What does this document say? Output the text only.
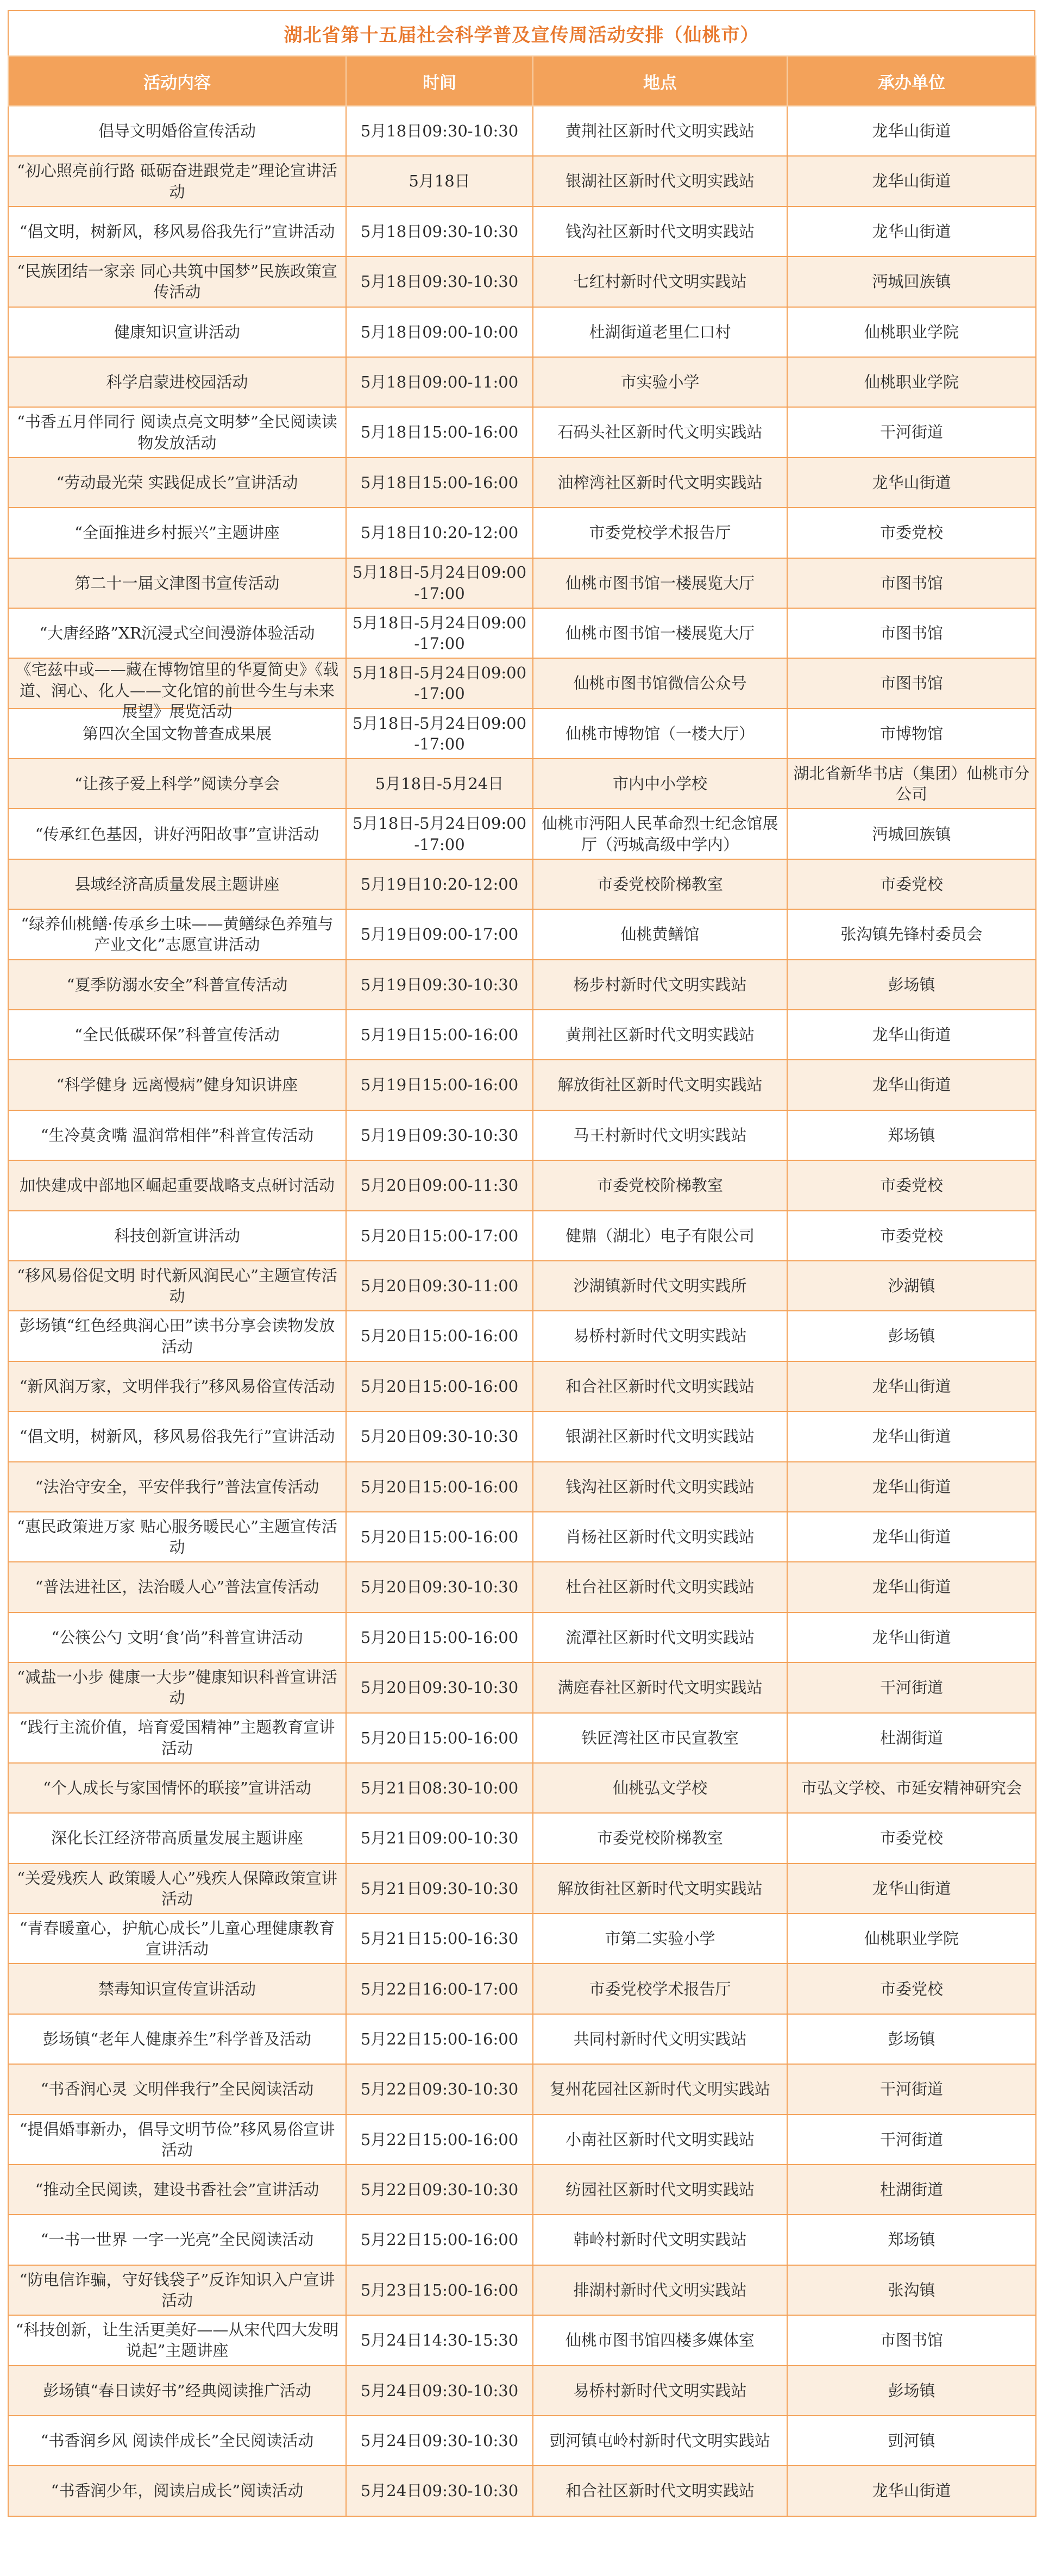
湖北省第十五届社会科学普及宣传周活动安排（仙桃市）
活动内容	时间	地点	承办单位

倡导文明婚俗宣传活动	5月18日09:30-10:30	黄荆社区新时代文明实践站	龙华山街道

“初心照亮前行路 砥砺奋进跟党走”理论宣讲活动	5月18日	银湖社区新时代文明实践站	龙华山街道

“倡文明，树新风，移风易俗我先行”宣讲活动	5月18日09:30-10:30	钱沟社区新时代文明实践站	龙华山街道

“民族团结一家亲 同心共筑中国梦”民族政策宣传活动	5月18日09:30-10:30	七红村新时代文明实践站	沔城回族镇

健康知识宣讲活动	5月18日09:00-10:00	杜湖街道老里仁口村	仙桃职业学院

科学启蒙进校园活动	5月18日09:00-11:00	市实验小学	仙桃职业学院

“书香五月伴同行 阅读点亮文明梦”全民阅读读物发放活动	5月18日15:00-16:00	石码头社区新时代文明实践站	干河街道

“劳动最光荣 实践促成长”宣讲活动	5月18日15:00-16:00	油榨湾社区新时代文明实践站	龙华山街道

“全面推进乡村振兴”主题讲座	5月18日10:20-12:00	市委党校学术报告厅	市委党校

第二十一届文津图书宣传活动	5月18日-5月24日09:00-17:00	仙桃市图书馆一楼展览大厅	市图书馆

“大唐经路”XR沉浸式空间漫游体验活动	5月18日-5月24日09:00-17:00	仙桃市图书馆一楼展览大厅	市图书馆

《宅兹中或——藏在博物馆里的华夏简史》《载道、润心、化人——文化馆的前世今生与未来展望》展览活动	5月18日-5月24日09:00-17:00	仙桃市图书馆微信公众号	市图书馆

第四次全国文物普查成果展	5月18日-5月24日09:00-17:00	仙桃市博物馆（一楼大厅）	市博物馆

“让孩子爱上科学”阅读分享会	5月18日-5月24日	市内中小学校	湖北省新华书店（集团）仙桃市分公司

“传承红色基因，讲好沔阳故事”宣讲活动	5月18日-5月24日09:00-17:00	仙桃市沔阳人民革命烈士纪念馆展厅（沔城高级中学内）	沔城回族镇

县域经济高质量发展主题讲座	5月19日10:20-12:00	市委党校阶梯教室	市委党校

“绿养仙桃鳝·传承乡土味——黄鳝绿色养殖与产业文化”志愿宣讲活动	5月19日09:00-17:00	仙桃黄鳝馆	张沟镇先锋村委员会

“夏季防溺水安全”科普宣传活动	5月19日09:30-10:30	杨步村新时代文明实践站	彭场镇

“全民低碳环保”科普宣传活动	5月19日15:00-16:00	黄荆社区新时代文明实践站	龙华山街道

“科学健身 远离慢病”健身知识讲座	5月19日15:00-16:00	解放街社区新时代文明实践站	龙华山街道

“生冷莫贪嘴 温润常相伴”科普宣传活动	5月19日09:30-10:30	马王村新时代文明实践站	郑场镇

加快建成中部地区崛起重要战略支点研讨活动	5月20日09:00-11:30	市委党校阶梯教室	市委党校

科技创新宣讲活动	5月20日15:00-17:00	健鼎（湖北）电子有限公司	市委党校

“移风易俗促文明 时代新风润民心”主题宣传活动	5月20日09:30-11:00	沙湖镇新时代文明实践所	沙湖镇

彭场镇“红色经典润心田”读书分享会读物发放活动	5月20日15:00-16:00	易桥村新时代文明实践站	彭场镇

“新风润万家，文明伴我行”移风易俗宣传活动	5月20日15:00-16:00	和合社区新时代文明实践站	龙华山街道

“倡文明，树新风，移风易俗我先行”宣讲活动	5月20日09:30-10:30	银湖社区新时代文明实践站	龙华山街道

“法治守安全，平安伴我行”普法宣传活动	5月20日15:00-16:00	钱沟社区新时代文明实践站	龙华山街道

“惠民政策进万家 贴心服务暖民心”主题宣传活动	5月20日15:00-16:00	肖杨社区新时代文明实践站	龙华山街道

“普法进社区，法治暖人心”普法宣传活动	5月20日09:30-10:30	杜台社区新时代文明实践站	龙华山街道

“公筷公勺 文明‘食’尚”科普宣讲活动	5月20日15:00-16:00	流潭社区新时代文明实践站	龙华山街道

“减盐一小步 健康一大步”健康知识科普宣讲活动	5月20日09:30-10:30	满庭春社区新时代文明实践站	干河街道

“践行主流价值，培育爱国精神”主题教育宣讲活动	5月20日15:00-16:00	铁匠湾社区市民宣教室	杜湖街道

“个人成长与家国情怀的联接”宣讲活动	5月21日08:30-10:00	仙桃弘文学校	市弘文学校、市延安精神研究会

深化长江经济带高质量发展主题讲座	5月21日09:00-10:30	市委党校阶梯教室	市委党校

“关爱残疾人 政策暖人心”残疾人保障政策宣讲活动	5月21日09:30-10:30	解放街社区新时代文明实践站	龙华山街道

“青春暖童心，护航心成长”儿童心理健康教育宣讲活动	5月21日15:00-16:30	市第二实验小学	仙桃职业学院

禁毒知识宣传宣讲活动	5月22日16:00-17:00	市委党校学术报告厅	市委党校

彭场镇“老年人健康养生”科学普及活动	5月22日15:00-16:00	共同村新时代文明实践站	彭场镇

“书香润心灵 文明伴我行”全民阅读活动	5月22日09:30-10:30	复州花园社区新时代文明实践站	干河街道

“提倡婚事新办，倡导文明节俭”移风易俗宣讲活动	5月22日15:00-16:00	小南社区新时代文明实践站	干河街道

“推动全民阅读，建设书香社会”宣讲活动	5月22日09:30-10:30	纺园社区新时代文明实践站	杜湖街道

“一书一世界 一字一光亮”全民阅读活动	5月22日15:00-16:00	韩岭村新时代文明实践站	郑场镇

“防电信诈骗，守好钱袋子”反诈知识入户宣讲活动	5月23日15:00-16:00	排湖村新时代文明实践站	张沟镇

“科技创新，让生活更美好——从宋代四大发明说起”主题讲座	5月24日14:30-15:30	仙桃市图书馆四楼多媒体室	市图书馆

彭场镇“春日读好书”经典阅读推广活动	5月24日09:30-10:30	易桥村新时代文明实践站	彭场镇

“书香润乡风 阅读伴成长”全民阅读活动	5月24日09:30-10:30	剅河镇屯岭村新时代文明实践站	剅河镇

“书香润少年，阅读启成长”阅读活动	5月24日09:30-10:30	和合社区新时代文明实践站	龙华山街道
